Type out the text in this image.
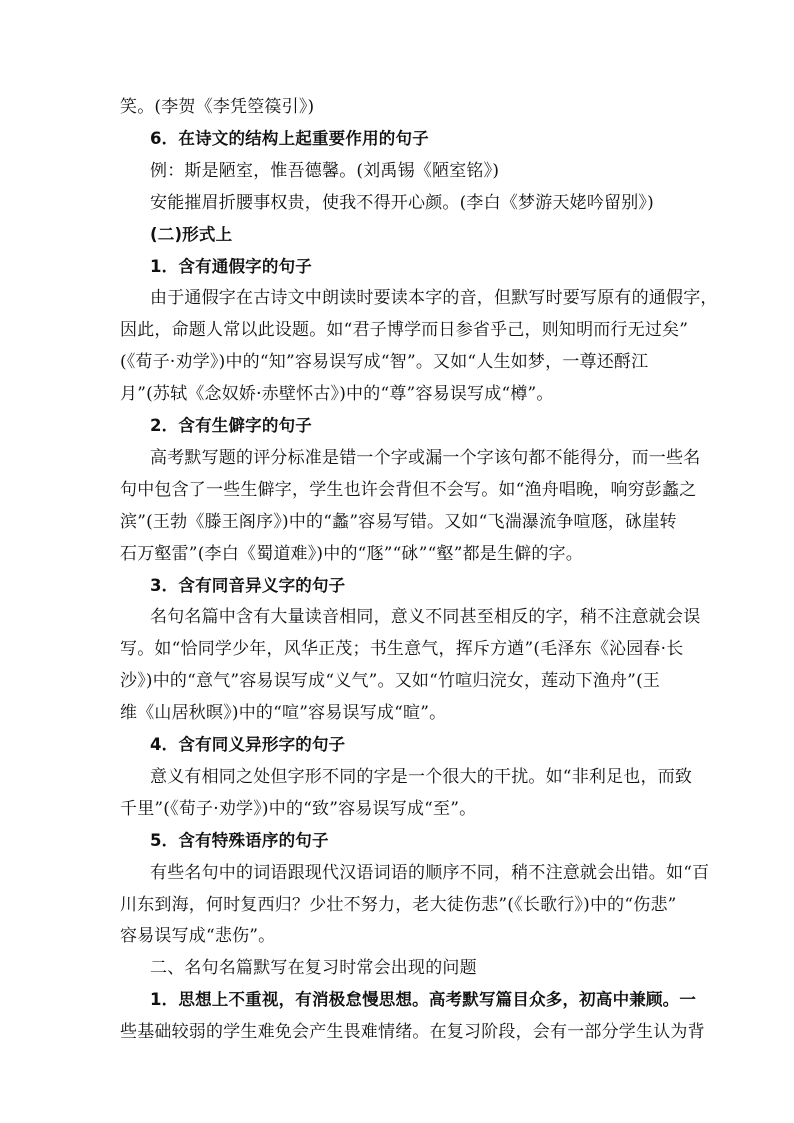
笑。(李贺《李凭箜篌引》)
6．在诗文的结构上起重要作用的句子
例：斯是陋室，惟吾德馨。(刘禹锡《陋室铭》)
安能摧眉折腰事权贵，使我不得开心颜。(李白《梦游天姥吟留别》)
(二)形式上
1．含有通假字的句子
由于通假字在古诗文中朗读时要读本字的音，但默写时要写原有的通假字，
因此，命题人常以此设题。如“君子博学而日参省乎己，则知明而行无过矣”
(《荀子·劝学》)中的“知”容易误写成“智”。又如“人生如梦，一尊还酹江
月”(苏轼《念奴娇·赤壁怀古》)中的“尊”容易误写成“樽”。
2．含有生僻字的句子
高考默写题的评分标准是错一个字或漏一个字该句都不能得分，而一些名
句中包含了一些生僻字，学生也许会背但不会写。如“渔舟唱晚，响穷彭蠡之
滨”(王勃《滕王阁序》)中的“蠡”容易写错。又如“飞湍瀑流争喧豗，砯崖转
石万壑雷”(李白《蜀道难》)中的“豗”“砯”“壑”都是生僻的字。
3．含有同音异义字的句子
名句名篇中含有大量读音相同，意义不同甚至相反的字，稍不注意就会误
写。如“恰同学少年，风华正茂；书生意气，挥斥方遒”(毛泽东《沁园春·长
沙》)中的“意气”容易误写成“义气”。又如“竹喧归浣女，莲动下渔舟”(王
维《山居秋暝》)中的“喧”容易误写成“暄”。
4．含有同义异形字的句子
意义有相同之处但字形不同的字是一个很大的干扰。如“非利足也，而致
千里”(《荀子·劝学》)中的“致”容易误写成“至”。
5．含有特殊语序的句子
有些名句中的词语跟现代汉语词语的顺序不同，稍不注意就会出错。如“百
川东到海，何时复西归？少壮不努力，老大徒伤悲”(《长歌行》)中的“伤悲”
容易误写成“悲伤”。
二、名句名篇默写在复习时常会出现的问题
1．思想上不重视，有消极怠慢思想。高考默写篇目众多，初高中兼顾。一
些基础较弱的学生难免会产生畏难情绪。在复习阶段，会有一部分学生认为背
